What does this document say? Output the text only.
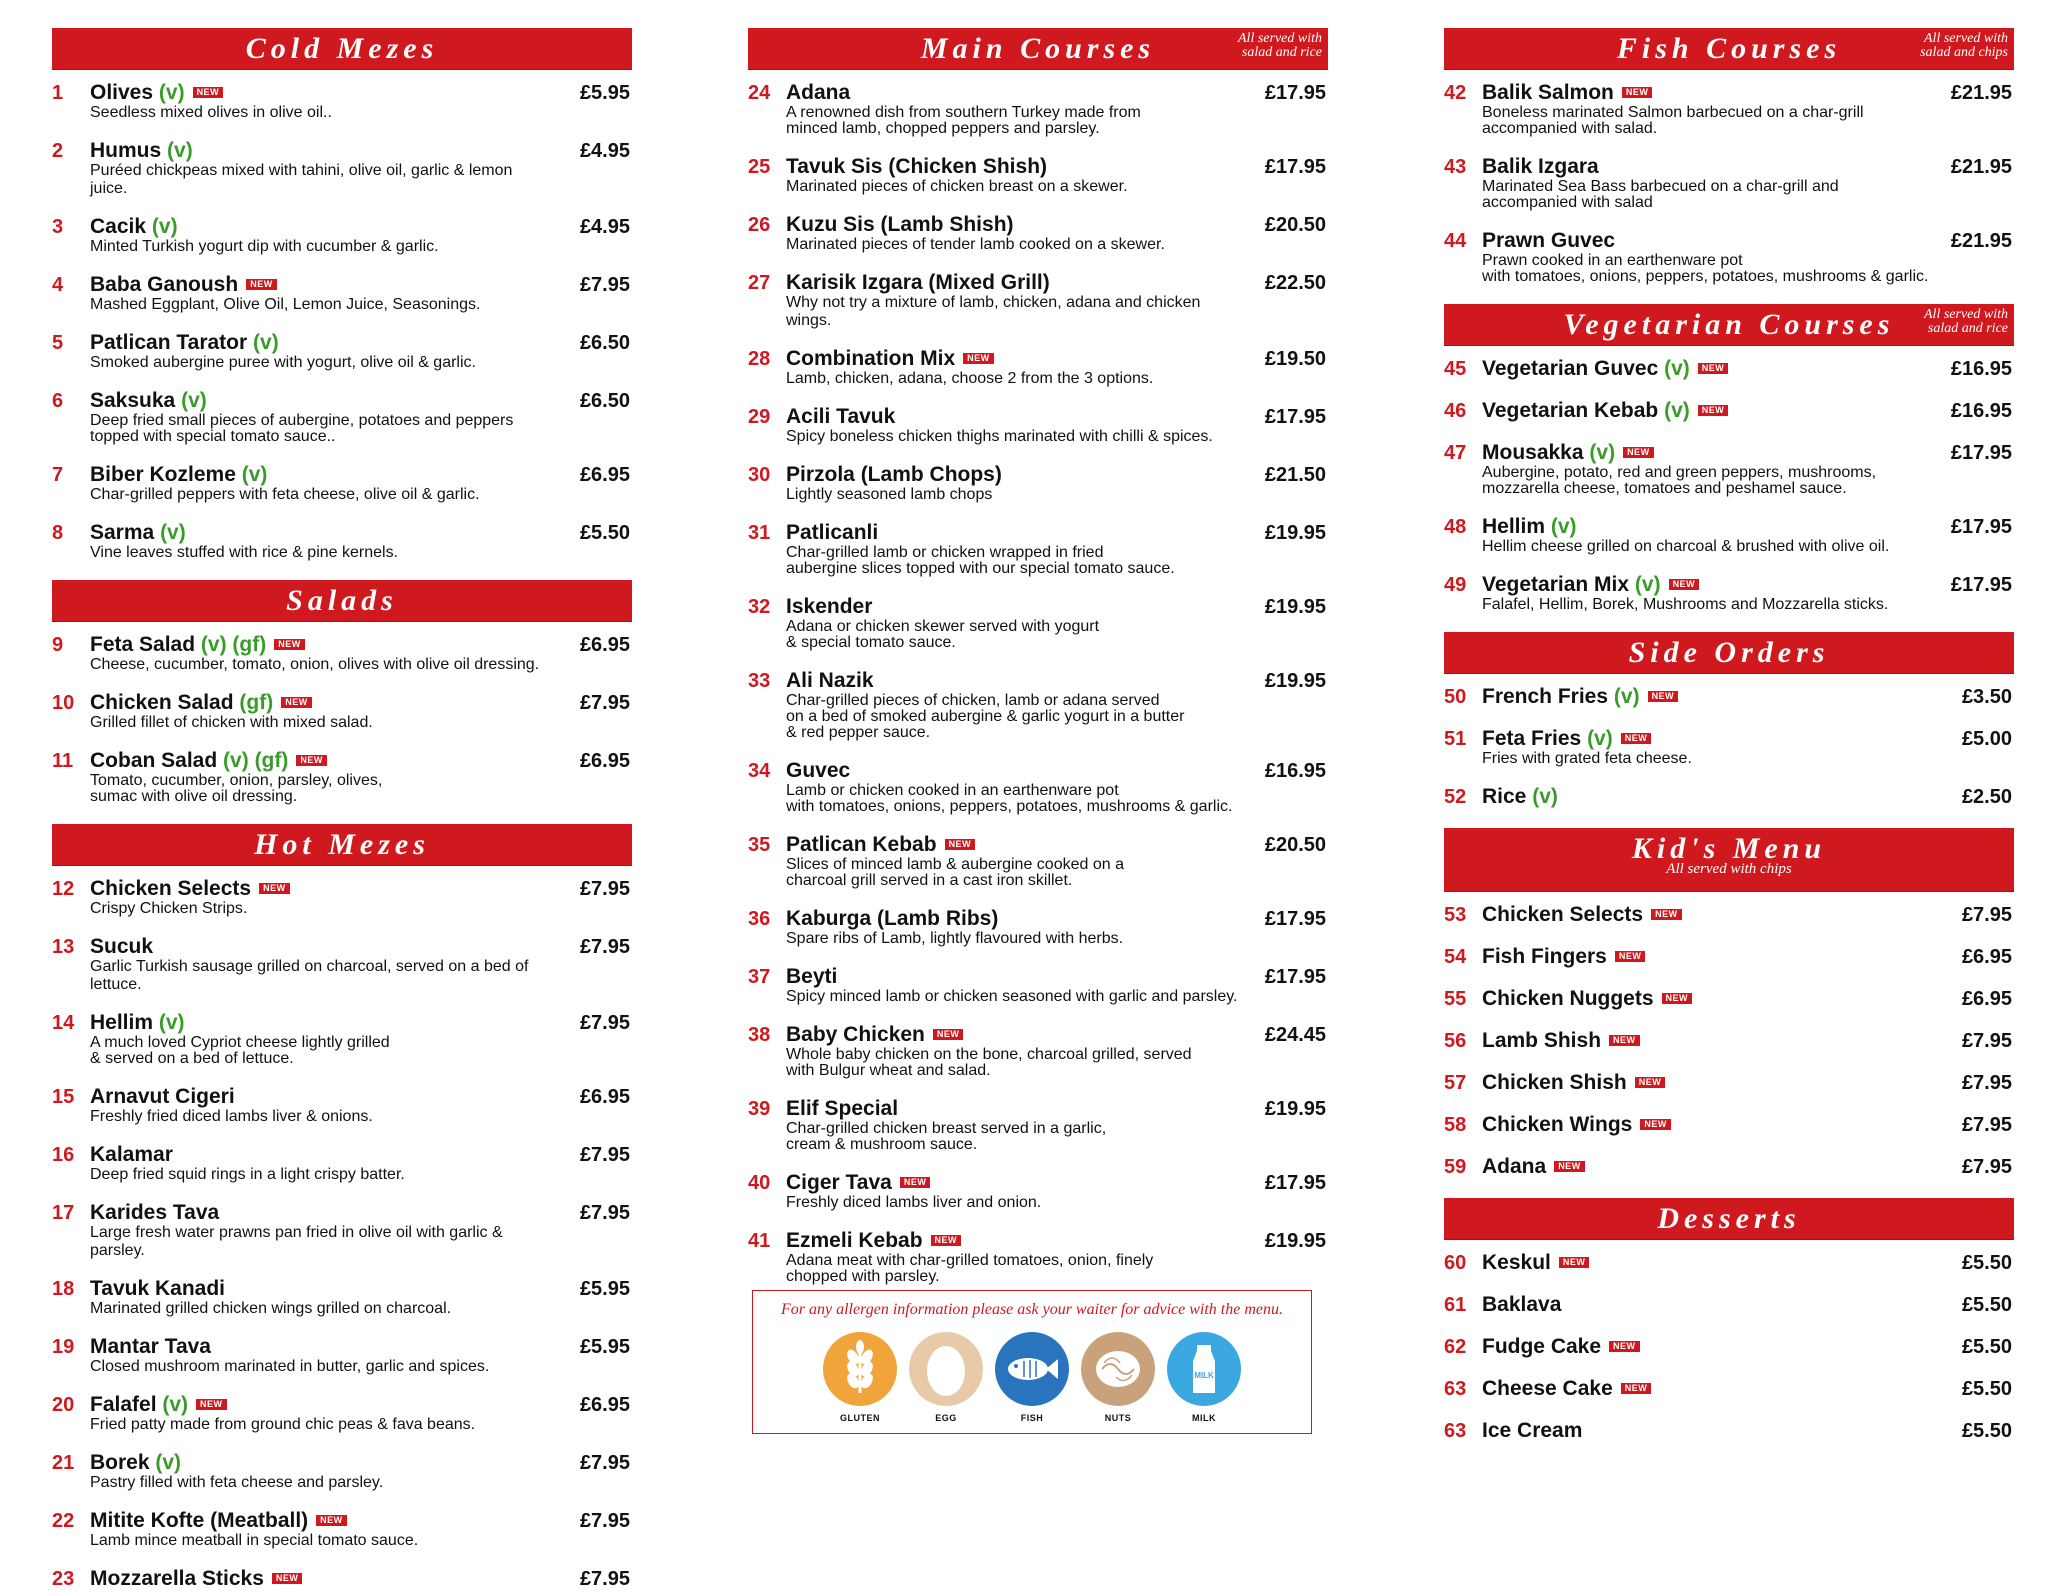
Cold Mezes
1	Olives (v) NEW	£5.95
Seedless mixed olives in olive oil..
2	Humus (v)	£4.95
Puréed chickpeas mixed with tahini, olive oil, garlic & lemon juice.
3	Cacik (v)	£4.95
Minted Turkish yogurt dip with cucumber & garlic.
4	Baba Ganoush NEW	£7.95
Mashed Eggplant, Olive Oil, Lemon Juice, Seasonings.
5	Patlican Tarator (v)	£6.50
Smoked aubergine puree with yogurt, olive oil & garlic.
6	Saksuka (v)	£6.50
Deep fried small pieces of aubergine, potatoes and peppers
topped with special tomato sauce..
7	Biber Kozleme (v)	£6.95
Char-grilled peppers with feta cheese, olive oil & garlic.
8	Sarma (v)	£5.50
Vine leaves stuffed with rice & pine kernels.
Salads
9	Feta Salad (v) (gf) NEW	£6.95
Cheese, cucumber, tomato, onion, olives with olive oil dressing.
10 Chicken Salad (gf) NEW	£7.95
Grilled fillet of chicken with mixed salad.
11 Coban Salad (v) (gf) NEW	£6.95
Tomato, cucumber, onion, parsley, olives,
sumac with olive oil dressing.
Hot Mezes
12 Chicken Selects NEW	£7.95
Crispy Chicken Strips.
13 Sucuk	£7.95
Garlic Turkish sausage grilled on charcoal, served on a bed of lettuce.
14 Hellim (v)	£7.95
A much loved Cypriot cheese lightly grilled
& served on a bed of lettuce.
15 Arnavut Cigeri	£6.95
Freshly fried diced lambs liver & onions.
16 Kalamar	£7.95
Deep fried squid rings in a light crispy batter.
17 Karides Tava	£7.95
Large fresh water prawns pan fried in olive oil with garlic & parsley.
18 Tavuk Kanadi	£5.95
Marinated grilled chicken wings grilled on charcoal.
19 Mantar Tava	£5.95
Closed mushroom marinated in butter, garlic and spices.
20 Falafel (v) NEW	£6.95
Fried patty made from ground chic peas & fava beans.
21 Borek (v)	£7.95
Pastry filled with feta cheese and parsley.
22 Mitite Kofte (Meatball) NEW	£7.95
Lamb mince meatball in special tomato sauce.
23 Mozzarella Sticks NEW	£7.95
Main Courses	All served with
salad and rice
24 Adana	£17.95
A renowned dish from southern Turkey made from
minced lamb, chopped peppers and parsley.
25 Tavuk Sis (Chicken Shish)	£17.95
Marinated pieces of chicken breast on a skewer.
26 Kuzu Sis (Lamb Shish)	£20.50
Marinated pieces of tender lamb cooked on a skewer.
27 Karisik Izgara (Mixed Grill)	£22.50
Why not try a mixture of lamb, chicken, adana and chicken wings.
28 Combination Mix NEW	£19.50
Lamb, chicken, adana, choose 2 from the 3 options.
29 Acili Tavuk	£17.95
Spicy boneless chicken thighs marinated with chilli & spices.
30 Pirzola (Lamb Chops)	£21.50
Lightly seasoned lamb chops
31 Patlicanli	£19.95
Char-grilled lamb or chicken wrapped in fried
aubergine slices topped with our special tomato sauce.
32 Iskender	£19.95
Adana or chicken skewer served with yogurt
& special tomato sauce.
33 Ali Nazik	£19.95
Char-grilled pieces of chicken, lamb or adana served
on a bed of smoked aubergine & garlic yogurt in a butter
& red pepper sauce.
34 Guvec	£16.95
Lamb or chicken cooked in an earthenware pot
with tomatoes, onions, peppers, potatoes, mushrooms & garlic.
35 Patlican Kebab NEW	£20.50
Slices of minced lamb & aubergine cooked on a
charcoal grill served in a cast iron skillet.
36 Kaburga (Lamb Ribs)	£17.95
Spare ribs of Lamb, lightly flavoured with herbs.
37 Beyti	£17.95
Spicy minced lamb or chicken seasoned with garlic and parsley.
38 Baby Chicken NEW	£24.45
Whole baby chicken on the bone, charcoal grilled, served
with Bulgur wheat and salad.
39 Elif Special	£19.95
Char-grilled chicken breast served in a garlic,
cream & mushroom sauce.
40 Ciger Tava NEW	£17.95
Freshly diced lambs liver and onion.
41 Ezmeli Kebab NEW	£19.95
Adana meat with char-grilled tomatoes, onion, finely
chopped with parsley.
Fish Courses	All served with
salad and chips
42 Balik Salmon NEW	£21.95
Boneless marinated Salmon barbecued on a char-grill
accompanied with salad.
43 Balik Izgara	£21.95
Marinated Sea Bass barbecued on a char-grill and
accompanied with salad
44 Prawn Guvec	£21.95
Prawn cooked in an earthenware pot
with tomatoes, onions, peppers, potatoes, mushrooms & garlic.
Vegetarian Courses	All served with
salad and rice
45 Vegetarian Guvec (v) NEW	£16.95
46 Vegetarian Kebab (v) NEW	£16.95
47 Mousakka (v) NEW	£17.95
Aubergine, potato, red and green peppers, mushrooms,
mozzarella cheese, tomatoes and peshamel sauce.
48 Hellim (v)	£17.95
Hellim cheese grilled on charcoal & brushed with olive oil.
49 Vegetarian Mix (v) NEW	£17.95
Falafel, Hellim, Borek, Mushrooms and Mozzarella sticks.
Side Orders
50 French Fries (v) NEW	£3.50
51 Feta Fries (v) NEW	£5.00
Fries with grated feta cheese.
52 Rice (v)	£2.50
Kid's Menu
All served with chips
53 Chicken Selects NEW	£7.95
54 Fish Fingers NEW	£6.95
55 Chicken Nuggets NEW	£6.95
56 Lamb Shish NEW	£7.95
57 Chicken Shish NEW	£7.95
58 Chicken Wings NEW	£7.95
59 Adana NEW	£7.95
Desserts
60 Keskul NEW	£5.50
61 Baklava	£5.50
62 Fudge Cake NEW	£5.50
63 Cheese Cake NEW	£5.50
63 Ice Cream	£5.50
For any allergen information please ask your waiter for advice with the menu.
GLUTEN	EGG	FISH	NUTS
MILK
MILK
